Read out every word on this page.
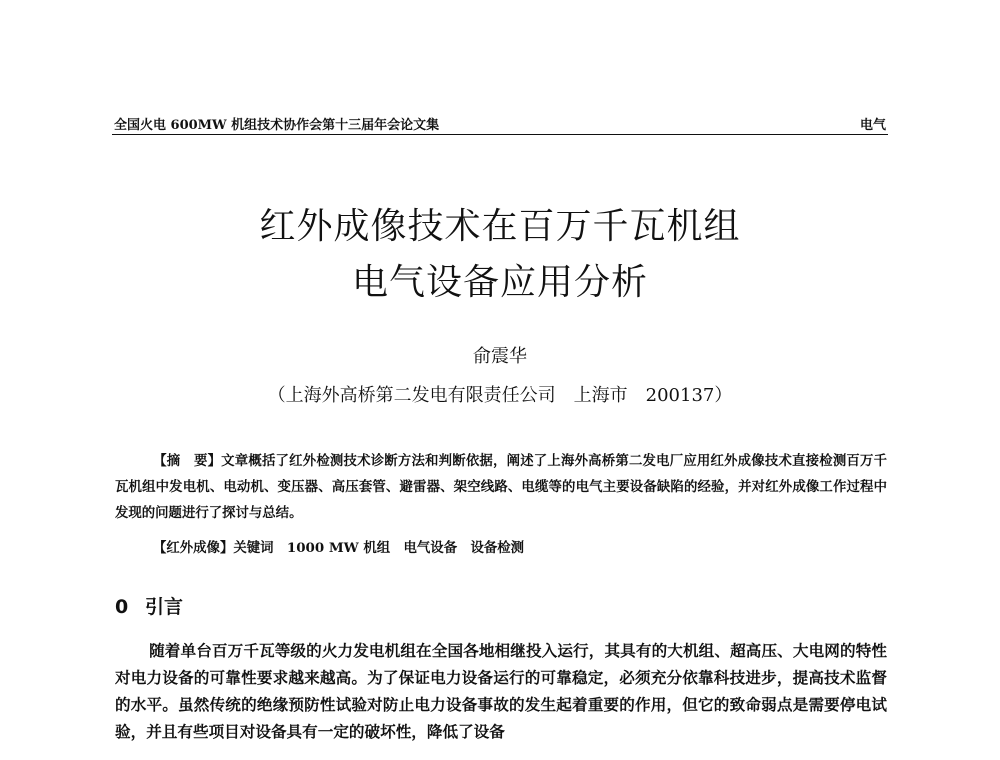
全国火电 600MW 机组技术协作会第十三届年会论文集	电气
红外成像技术在百万千瓦机组
电气设备应用分析
俞震华
（上海外高桥第二发电有限责任公司　上海市　200137）
【摘　要】文章概括了红外检测技术诊断方法和判断依据，阐述了上海外高桥第二发电厂应用红外成像技术直接检测百万千瓦机组中发电机、电动机、变压器、高压套管、避雷器、架空线路、电缆等的电气主要设备缺陷的经验，并对红外成像工作过程中发现的问题进行了探讨与总结。
【红外成像】关键词　1000 MW 机组　电气设备　设备检测
0 引言
随着单台百万千瓦等级的火力发电机组在全国各地相继投入运行，其具有的大机组、超高压、大电网的特性对电力设备的可靠性要求越来越高。为了保证电力设备运行的可靠稳定，必须充分依靠科技进步，提高技术监督的水平。虽然传统的绝缘预防性试验对防止电力设备事故的发生起着重要的作用，但它的致命弱点是需要停电试验，并且有些项目对设备具有一定的破坏性，降低了设备
